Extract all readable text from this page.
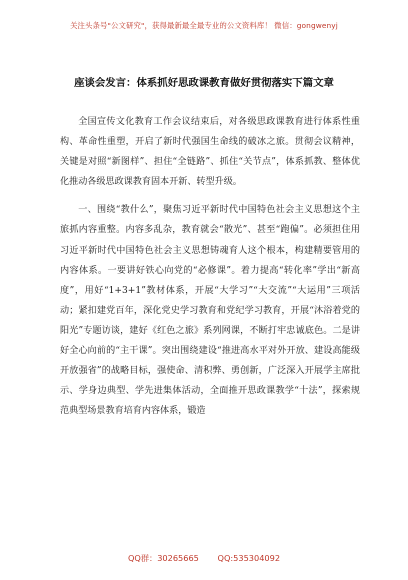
关注头条号"公文研究"，获得最新最全最专业的公文资料库！ 微信：gongwenyj
座谈会发言：体系抓好思政课教育做好贯彻落实下篇文章

全国宣传文化教育工作会议结束后，对各级思政课教育进行体系性重构、革命性重塑，开启了新时代强国生命线的破冰之旅。贯彻会议精神，关键是对照“新图样”、担住“全链路”、抓住“关节点”，体系抓教、整体优化推动各级思政课教育固本开新、转型升级。

一、围绕“教什么”，聚焦习近平新时代中国特色社会主义思想这个主旅抓内容重整。内容多乱杂，教育就会“散光”、甚至“跑偏”。必须担住用习近平新时代中国特色社会主义思想铸魂育人这个根本，构建精要管用的内容体系。一要讲好铁心向党的“必修课”。着力提高“转化率”学出“新高度”，用好“1+3+1”教材体系，开展“大学习”“大交流”“大运用”三项活动；紧扣建党百年，深化党史学习教育和党纪学习教育，开展“沐浴着党的阳光”专题访谈，建好《红色之旅》系列网课，不断打牢忠诚底色。二是讲好全心向前的“主干课”。突出围绕建设“推进高水平对外开放、建设高能级开放强省”的战略目标，强使命、清积弊、勇创新，广泛深入开展学主席批示、学身边典型、学先进集体活动，全面推开思政课教学“十法”，探索规范典型场景教育培育内容体系，锻造

QQ群：30265665 QQ:535304092
